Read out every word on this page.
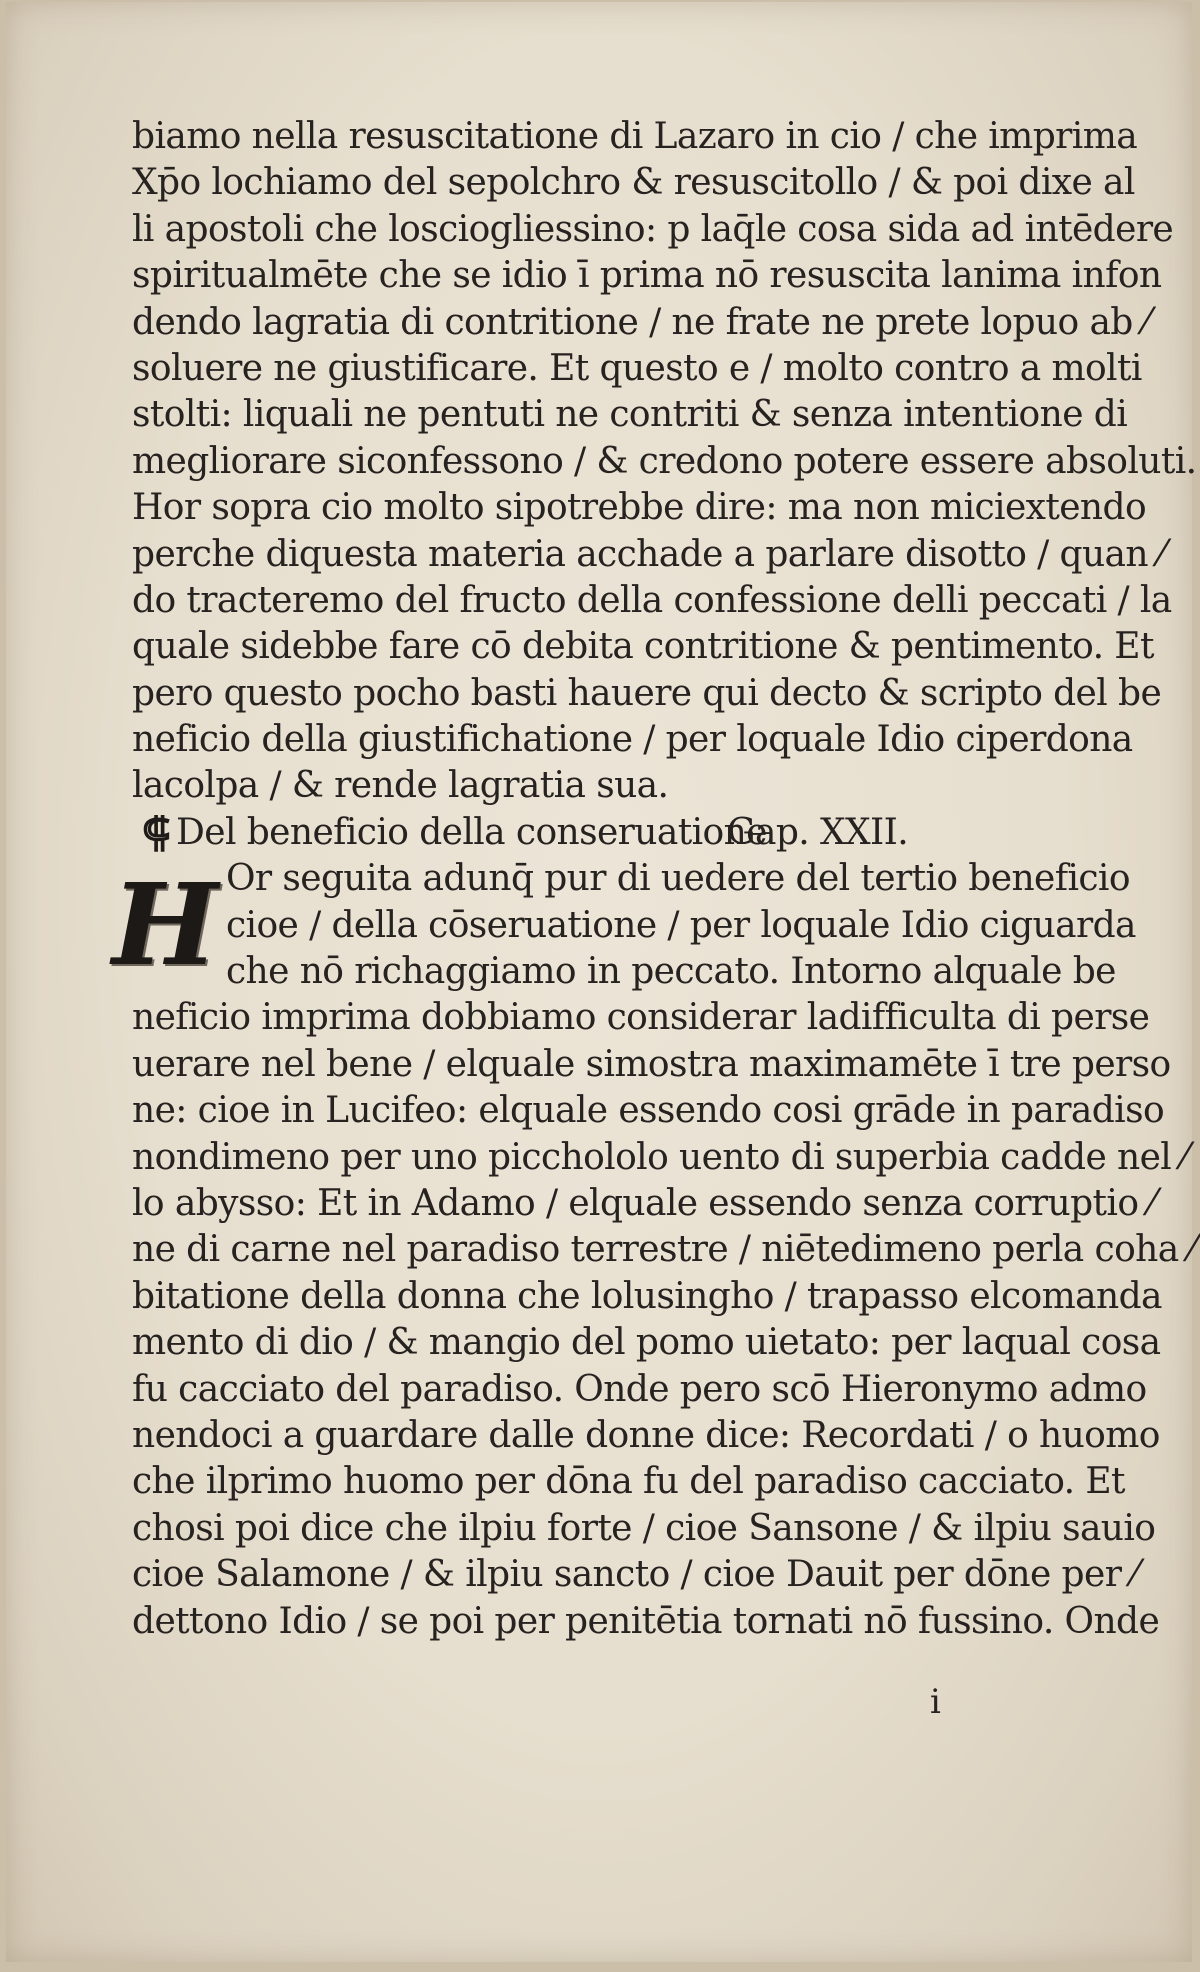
biamo nella resuscitatione di Lazaro in cio / che imprima
Xp̄o lochiamo del sepolchro & resuscitollo / & poi dixe al
li apostoli che losciogliessino: p laq̄le cosa sida ad intēdere
spiritualmēte che se idio ī prima nō resuscita lanima infon
dendo lagratia di contritione / ne frate ne prete lopuo ab ⁄
soluere ne giustificare. Et questo e / molto contro a molti
stolti: liquali ne pentuti ne contriti & senza intentione di
megliorare siconfessono / & credono potere essere absoluti.
Hor sopra cio molto sipotrebbe dire: ma non miciextendo
perche diquesta materia acchade a parlare disotto / quan ⁄
do tracteremo del fructo della confessione delli peccati / la
quale sidebbe fare cō debita contritione & pentimento. Et
pero questo pocho basti hauere qui decto & scripto del be
neficio della giustifichatione / per loquale Idio ciperdona
lacolpa / & rende lagratia sua.
⸿ Del beneficio della conseruatione Gap. XXII.
H Or seguita adunq̄ pur di uedere del tertio beneficio
cioe / della cōseruatione / per loquale Idio ciguarda
che nō richaggiamo in peccato. Intorno alquale be
neficio imprima dobbiamo considerar ladifficulta di perse
uerare nel bene / elquale simostra maximamēte ī tre perso
ne: cioe in Lucifeo: elquale essendo cosi grāde in paradiso
nondimeno per uno picchololo uento di superbia cadde nel ⁄
lo abysso: Et in Adamo / elquale essendo senza corruptio ⁄
ne di carne nel paradiso terrestre / niētedimeno perla coha ⁄
bitatione della donna che lolusingho / trapasso elcomanda
mento di dio / & mangio del pomo uietato: per laqual cosa
fu cacciato del paradiso. Onde pero scō Hieronymo admo
nendoci a guardare dalle donne dice: Recordati / o huomo
che ilprimo huomo per dōna fu del paradiso cacciato. Et
chosi poi dice che ilpiu forte / cioe Sansone / & ilpiu sauio
cioe Salamone / & ilpiu sancto / cioe Dauit per dōne per ⁄
dettono Idio / se poi per penitētia tornati nō fussino. Onde
i
